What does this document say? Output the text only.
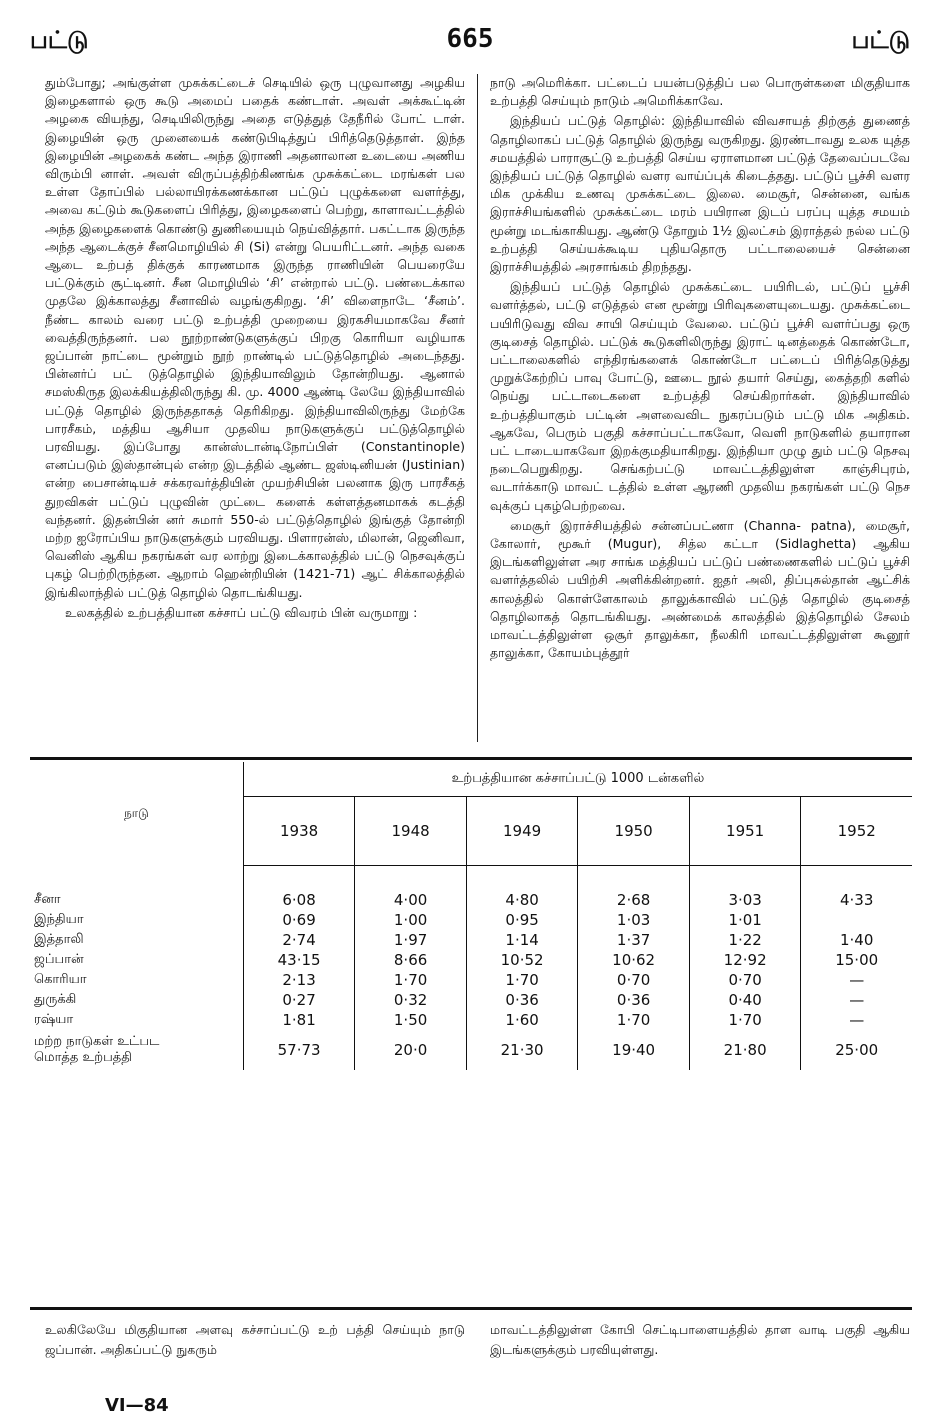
பட்டு	665	பட்டு

தும்போது; அங்குள்ள முசுக்கட்டைச் செடியில் ஒரு புழுவானது அழகிய இழைகளால் ஒரு கூடு அமைப் பதைக் கண்டாள். அவள் அக்கூட்டின் அழகை வியந்து, செடியிலிருந்து அதை எடுத்துத் தேநீரில் போட் டாள். இழையின் ஒரு முனையைக் கண்டுபிடித்துப் பிரித்தெடுத்தாள். இந்த இழையின் அழகைக் கண்ட அந்த இராணி அதனாலான உடையை அணிய விரும்பி னாள். அவள் விருப்பத்திற்கிணங்க முசுக்கட்டை மரங்கள் பல உள்ள தோப்பில் பல்லாயிரக்கணக்கான பட்டுப் புழுக்களை வளர்த்து, அவை கட்டும் கூடுகளைப் பிரித்து, இழைகளைப் பெற்று, காளாவட்டத்தில் அந்த இழைகளைக் கொண்டு துணியையும் நெய்வித்தார். பகட்டாக இருந்த அந்த ஆடைக்குச் சீனமொழியில் சி (Si) என்று பெயரிட்டனர். அந்த வகை ஆடை உற்பத் திக்குக் காரணமாக இருந்த ராணியின் பெயரையே பட்டுக்கும் சூட்டினர். சீன மொழியில் ‘சி’ என்றால் பட்டு. பண்டைக்கால முதலே இக்காலத்து சீனாவில் வழங்குகிறது. ‘சி’ விளைநாடே ‘சீனம்’. நீண்ட காலம் வரை பட்டு உற்பத்தி முறையை இரகசியமாகவே சீனர் வைத்திருந்தனர். பல நூற்றாண்டுகளுக்குப் பிறகு கொரியா வழியாக ஜப்பான் நாட்டை மூன்றும் நூற் றாண்டில் பட்டுத்தொழில் அடைந்தது. பின்னர்ப் பட் டுத்தொழில் இந்தியாவிலும் தோன்றியது. ஆனால் சமஸ்கிருத இலக்கியத்திலிருந்து கி. மு. 4000 ஆண்டி லேயே இந்தியாவில் பட்டுத் தொழில் இருந்ததாகத் தெரிகிறது. இந்தியாவிலிருந்து மேற்கே பாரசீகம், மத்திய ஆசியா முதலிய நாடுகளுக்குப் பட்டுத்தொழில் பரவியது. இப்போது கான்ஸ்டான்டிநோப்பிள் (Constantinople) எனப்படும் இஸ்தான்புல் என்ற இடத்தில் ஆண்ட ஜஸ்டினியன் (Justinian) என்ற பைசான்டியச் சக்கரவர்த்தியின் முயற்சியின் பலனாக இரு பாரசீகத் துறவிகள் பட்டுப் புழுவின் முட்டை களைக் கள்ளத்தனமாகக் கடத்தி வந்தனர். இதன்பின் னர் சுமார் 550-ல் பட்டுத்தொழில் இங்குத் தோன்றி மற்ற ஐரோப்பிய நாடுகளுக்கும் பரவியது. பிளாரன்ஸ், மிலான், ஜெனிவா, வெனிஸ் ஆகிய நகரங்கள் வர லாற்று இடைக்காலத்தில் பட்டு நெசவுக்குப் புகழ் பெற்றிருந்தன. ஆறாம் ஹென்றியின் (1421-71) ஆட் சிக்காலத்தில் இங்கிலாந்தில் பட்டுத் தொழில் தொடங்கியது.

உலகத்தில் உற்பத்தியான கச்சாப் பட்டு விவரம் பின் வருமாறு :

நாடு அமெரிக்கா. பட்டைப் பயன்படுத்திப் பல பொருள்களை மிகுதியாக உற்பத்தி செய்யும் நாடும் அமெரிக்காவே.

இந்தியப் பட்டுத் தொழில்: இந்தியாவில் விவசாயத் திற்குத் துணைத் தொழிலாகப் பட்டுத் தொழில் இருந்து வருகிறது. இரண்டாவது உலக யுத்த சமயத்தில் பாராசூட்டு உற்பத்தி செய்ய ஏராளமான பட்டுத் தேவைப்படவே இந்தியப் பட்டுத் தொழில் வளர வாய்ப்புக் கிடைத்தது. பட்டுப் பூச்சி வளர மிக முக்கிய உணவு முசுக்கட்டை இலை. மைசூர், சென்னை, வங்க இராச்சியங்களில் முசுக்கட்டை மரம் பயிரான இடப் பரப்பு யுத்த சமயம் மூன்று மடங்காகியது. ஆண்டு தோறும் 1½ இலட்சம் இராத்தல் நல்ல பட்டு உற்பத்தி செய்யக்கூடிய புதியதொரு பட்டாலையைச் சென்னை இராச்சியத்தில் அரசாங்கம் திறந்தது.

இந்தியப் பட்டுத் தொழில் முசுக்கட்டை பயிரிடல், பட்டுப் பூச்சி வளர்த்தல், பட்டு எடுத்தல் என மூன்று பிரிவுகளையுடையது. முசுக்கட்டை பயிரிடுவது விவ சாயி செய்யும் வேலை. பட்டுப் பூச்சி வளர்ப்பது ஒரு குடிசைத் தொழில். பட்டுக் கூடுகளிலிருந்து இராட் டினத்தைக் கொண்டோ, பட்டாலைகளில் எந்திரங்களைக் கொண்டோ பட்டைப் பிரித்தெடுத்து முறுக்கேற்றிப் பாவு போட்டு, ஊடை நூல் தயார் செய்து, கைத்தறி களில் நெய்து பட்டாடைகளை உற்பத்தி செய்கிறார்கள். இந்தியாவில் உற்பத்தியாகும் பட்டின் அளவைவிட நுகரப்படும் பட்டு மிக அதிகம். ஆகவே, பெரும் பகுதி கச்சாப்பட்டாகவோ, வெளி நாடுகளில் தயாரான பட் டாடையாகவோ இறக்குமதியாகிறது. இந்தியா முழு தும் பட்டு நெசவு நடைபெறுகிறது. செங்கற்பட்டு மாவட்டத்திலுள்ள காஞ்சிபுரம், வடார்க்காடு மாவட் டத்தில் உள்ள ஆரணி முதலிய நகரங்கள் பட்டு நெச வுக்குப் புகழ்பெற்றவை.

மைசூர் இராச்சியத்தில் சன்னப்பட்ணா (Channa- patna), மைசூர், கோலார், மூகூர் (Mugur), சித்ல கட்டா (Sidlaghetta) ஆகிய இடங்களிலுள்ள அர சாங்க மத்தியப் பட்டுப் பண்ணைகளில் பட்டுப் பூச்சி வளர்த்தலில் பயிற்சி அளிக்கின்றனர். ஐதர் அலி, திப்புசுல்தான் ஆட்சிக் காலத்தில் கொள்ளேகாலம் தாலுக்காவில் பட்டுத் தொழில் குடிசைத் தொழிலாகத் தொடங்கியது. அண்மைக் காலத்தில் இத்தொழில் சேலம் மாவட்டத்திலுள்ள ஒசூர் தாலுக்கா, நீலகிரி மாவட்டத்திலுள்ள கூனூர் தாலுக்கா, கோயம்புத்தூர்

நாடு	உற்பத்தியான கச்சாப்பட்டு 1000 டன்களில்					
	1938	1948	1949	1950	1951	1952

சீனா	6·08	4·00	4·80	2·68	3·03	4·33
இந்தியா	0·69	1·00	0·95	1·03	1·01	
இத்தாலி	2·74	1·97	1·14	1·37	1·22	1·40
ஜப்பான்	43·15	8·66	10·52	10·62	12·92	15·00
கொரியா	2·13	1·70	1·70	0·70	0·70	—
துருக்கி	0·27	0·32	0·36	0·36	0·40	—
ரஷ்யா	1·81	1·50	1·60	1·70	1·70	—
மற்ற நாடுகள் உட்பட
மொத்த உற்பத்தி	57·73	20·0	21·30	19·40	21·80	25·00
உலகிலேயே மிகுதியான அளவு கச்சாப்பட்டு உற் பத்தி செய்யும் நாடு ஜப்பான். அதிகப்பட்டு நுகரும்
மாவட்டத்திலுள்ள கோபி செட்டிபாளையத்தில் தாள வாடி பகுதி ஆகிய இடங்களுக்கும் பரவியுள்ளது.
VI—84
